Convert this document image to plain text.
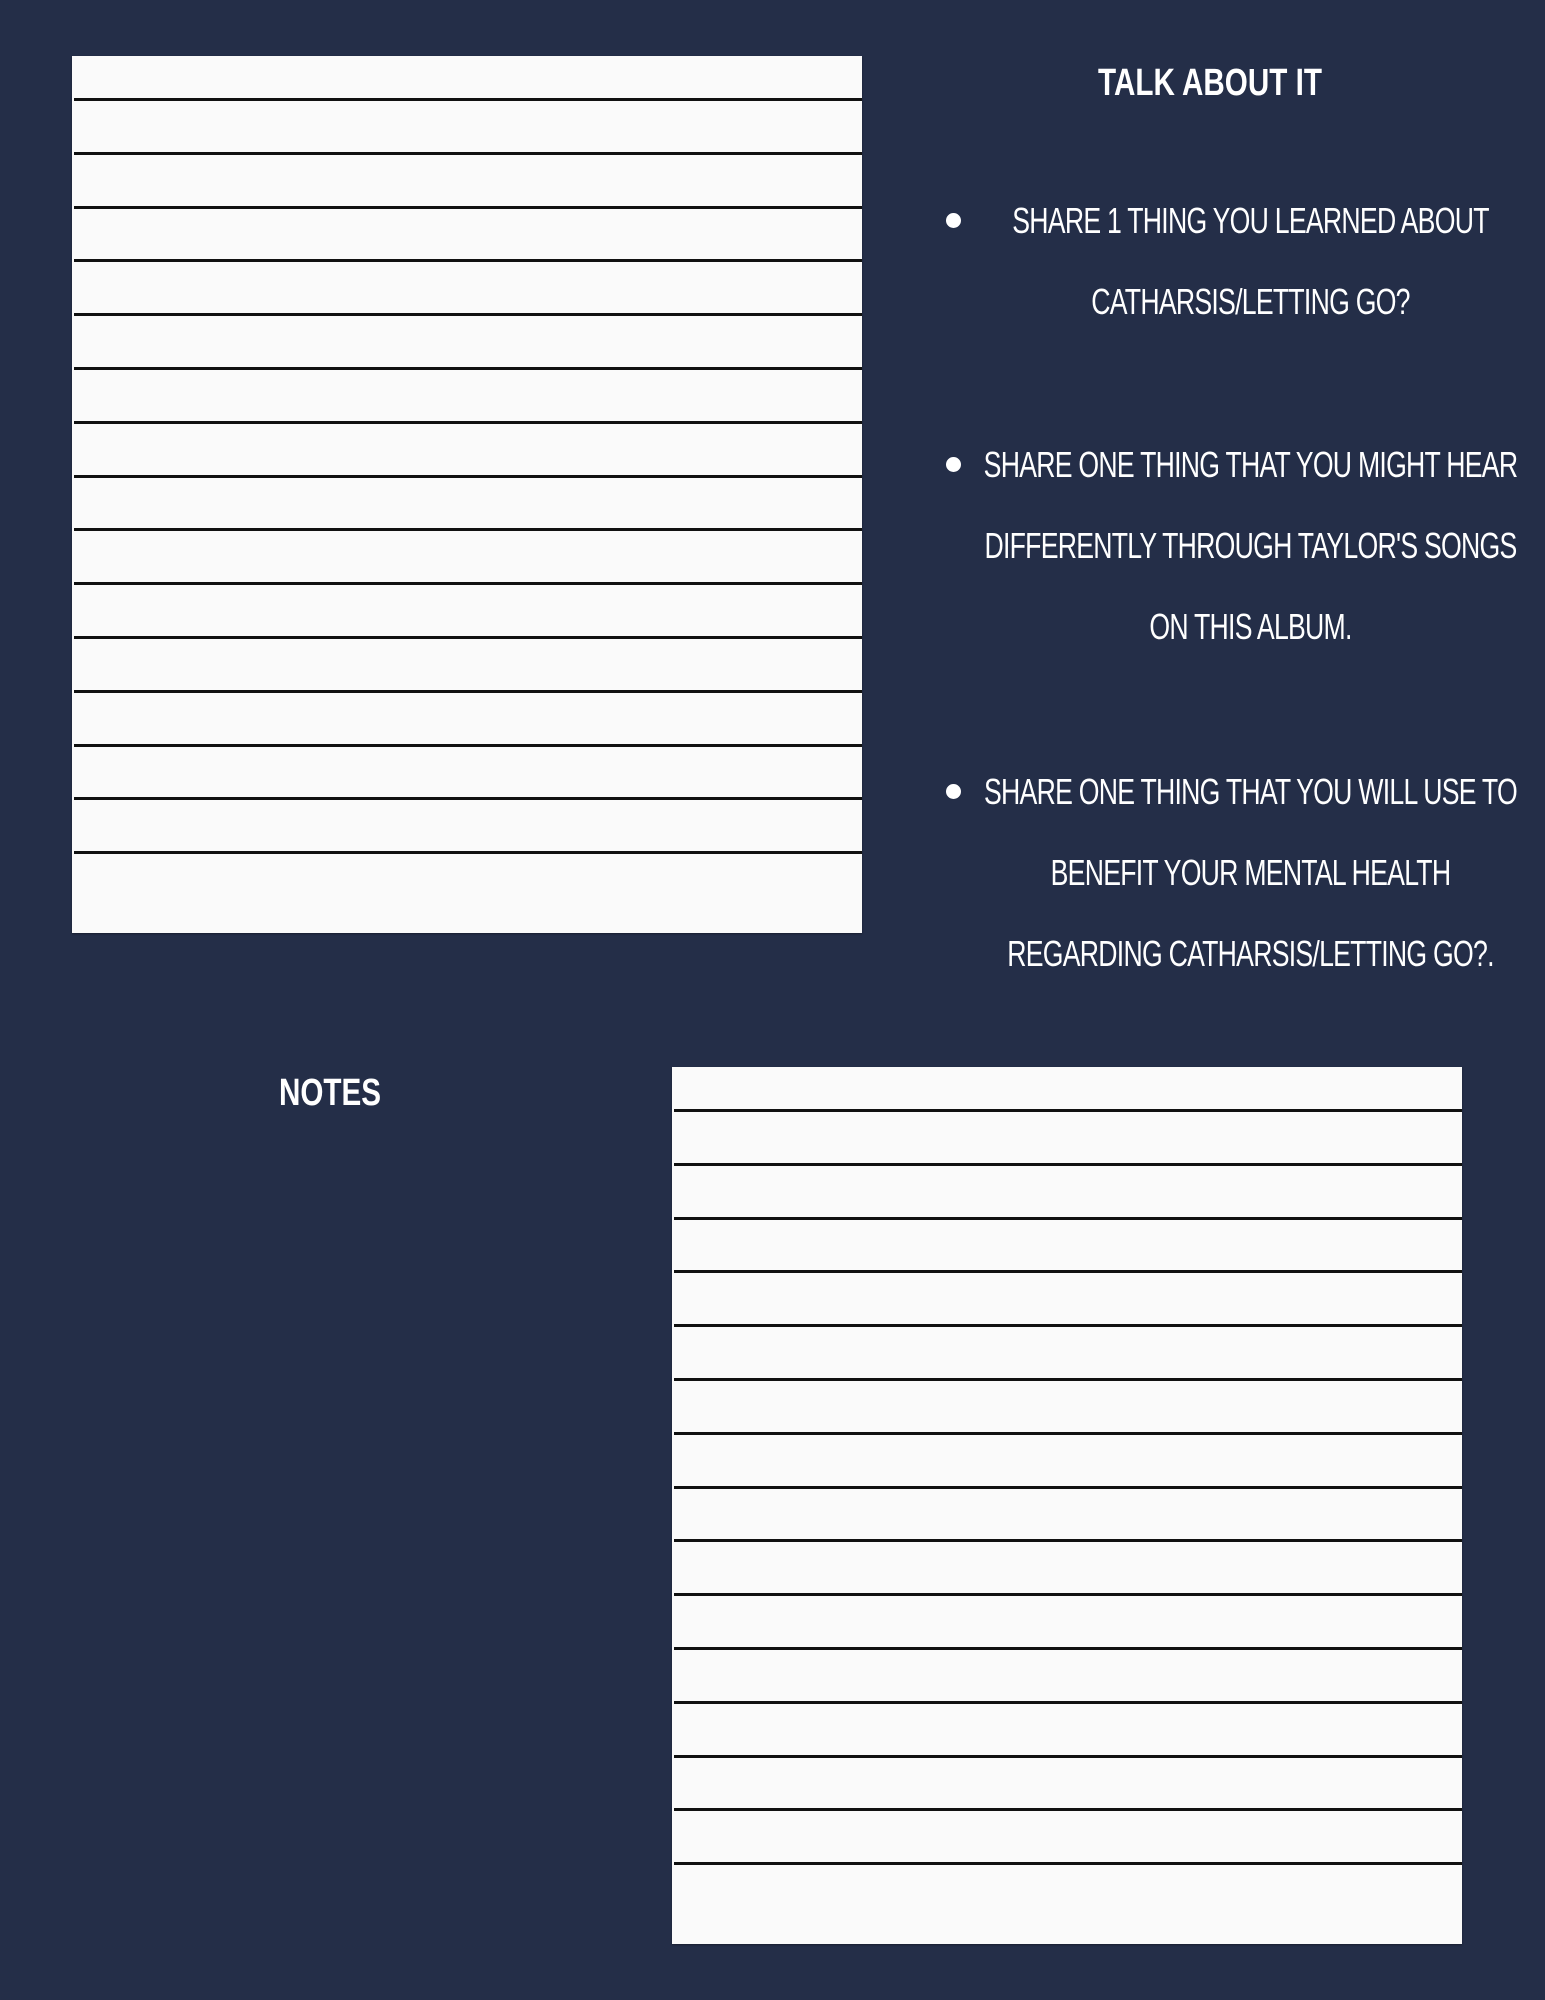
TALK ABOUT IT
SHARE 1 THING YOU LEARNED ABOUT CATHARSIS/LETTING GO?
SHARE ONE THING THAT YOU MIGHT HEAR DIFFERENTLY THROUGH TAYLOR'S SONGS ON THIS ALBUM.
SHARE ONE THING THAT YOU WILL USE TO BENEFIT YOUR MENTAL HEALTH REGARDING CATHARSIS/LETTING GO?.
NOTES
